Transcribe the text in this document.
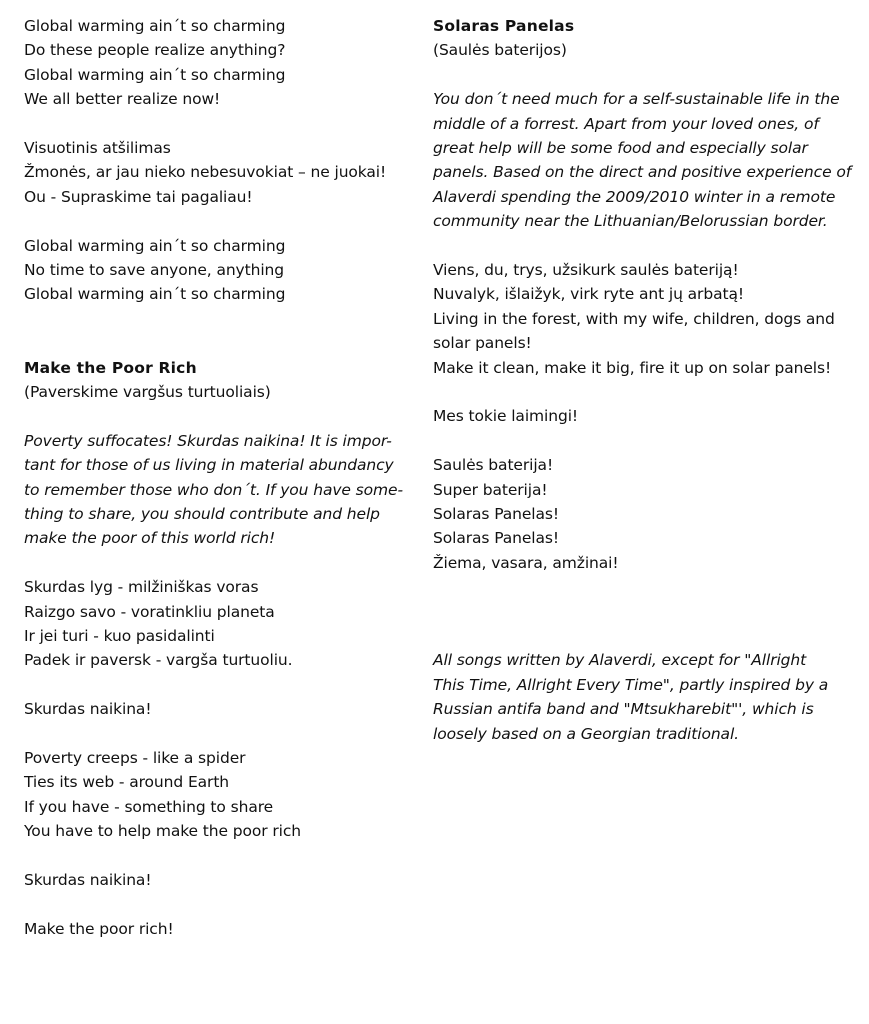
Global warming ain´t so charming
Do these people realize anything?
Global warming ain´t so charming
We all better realize now!
Visuotinis atšilimas
Žmonės, ar jau nieko nebesuvokiat – ne juokai!
Ou - Supraskime tai pagaliau!
Global warming ain´t so charming
No time to save anyone, anything
Global warming ain´t so charming
Make the Poor Rich
(Paverskime vargšus turtuoliais)
Poverty suffocates! Skurdas naikina! It is impor-
tant for those of us living in material abundancy
to remember those who don´t. If you have some-
thing to share, you should contribute and help
make the poor of this world rich!
Skurdas lyg - milžiniškas voras
Raizgo savo - voratinkliu planeta
Ir jei turi - kuo pasidalinti
Padek ir paversk - vargša turtuoliu.
Skurdas naikina!
Poverty creeps - like a spider
Ties its web - around Earth
If you have - something to share
You have to help make the poor rich
Skurdas naikina!
Make the poor rich!
Solaras Panelas
(Saulės baterijos)
You don´t need much for a self-sustainable life in the
middle of a forrest. Apart from your loved ones, of
great help will be some food and especially solar
panels. Based on the direct and positive experience of
Alaverdi spending the 2009/2010 winter in a remote
community near the Lithuanian/Belorussian border.
Viens, du, trys, užsikurk saulės bateriją!
Nuvalyk, išlaižyk, virk ryte ant jų arbatą!
Living in the forest, with my wife, children, dogs and
solar panels!
Make it clean, make it big, fire it up on solar panels!
Mes tokie laimingi!
Saulės baterija!
Super baterija!
Solaras Panelas!
Solaras Panelas!
Žiema, vasara, amžinai!
All songs written by Alaverdi, except for "Allright
This Time, Allright Every Time", partly inspired by a
Russian antifa band and "Mtsukharebit"', which is
loosely based on a Georgian traditional.
